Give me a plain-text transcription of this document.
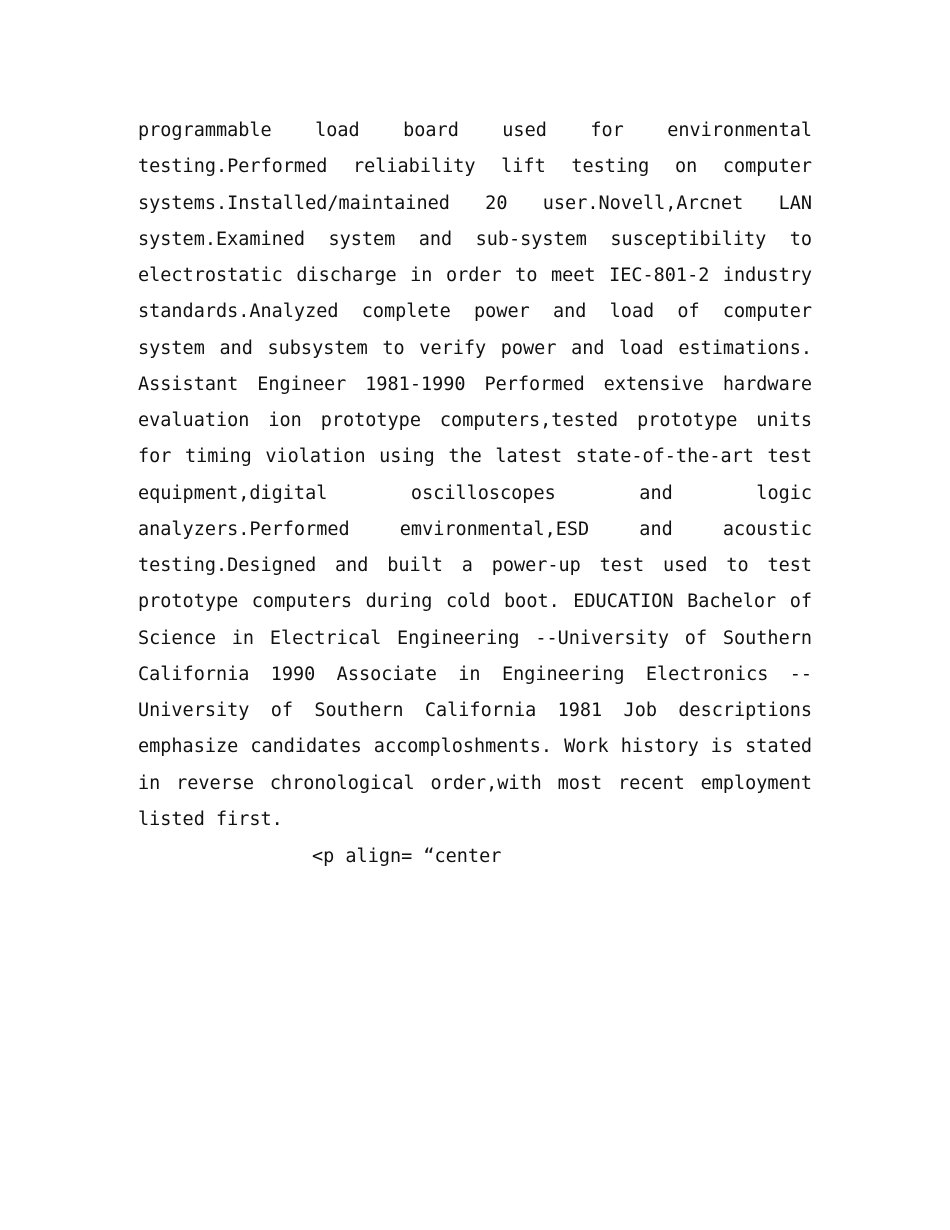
programmable load board used for environmental testing.Performed reliability lift testing on computer systems.Installed/maintained 20 user.Novell,Arcnet LAN system.Examined system and sub-system susceptibility to electrostatic discharge in order to meet IEC-801-2 industry standards.Analyzed complete power and load of computer system and subsystem to verify power and load estimations. Assistant Engineer 1981-1990 Performed extensive hardware evaluation ion prototype computers,tested prototype units for timing violation using the latest state-of-the-art test equipment,digital oscilloscopes and logic analyzers.Performed emvironmental,ESD and acoustic testing.Designed and built a power-up test used to test prototype computers during cold boot. EDUCATION Bachelor of Science in Electrical Engineering --University of Southern California 1990 Associate in Engineering Electronics --University of Southern California 1981 Job descriptions emphasize candidates accomploshments. Work history is stated in reverse chronological order,with most recent employment listed first.

<p align= “center
